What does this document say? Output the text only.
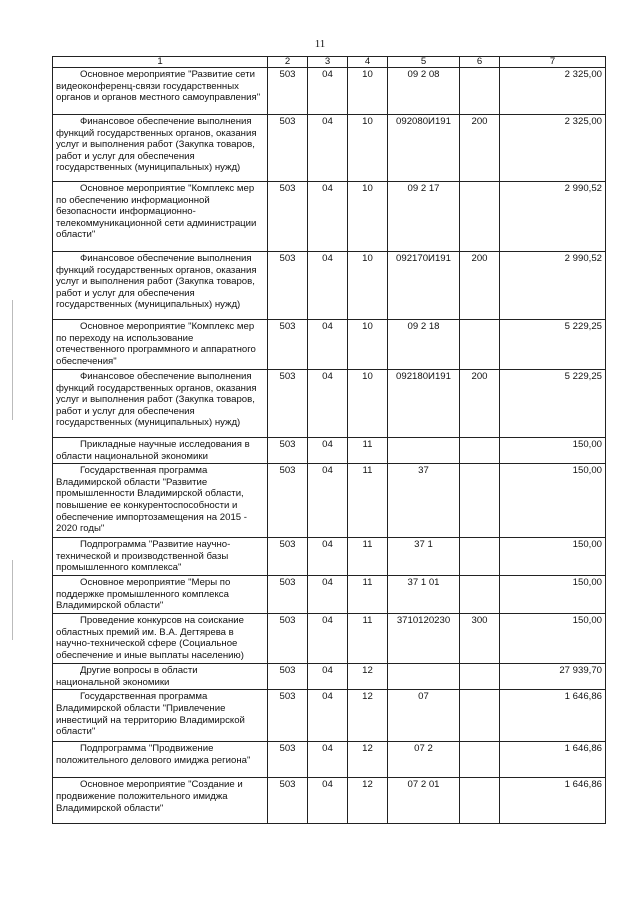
11
1	2	3	4	5	6	7
Основное мероприятие "Развитие сети видеоконференц-связи государственных органов и органов местного самоуправления"	503	04	10	09 2 08		2 325,00
Финансовое обеспечение выполнения функций государственных органов, оказания услуг и выполнения работ (Закупка товаров, работ и услуг для обеспечения государственных (муниципальных) нужд)	503	04	10	092080И191	200	2 325,00
Основное мероприятие "Комплекс мер по обеспечению информационной безопасности информационно-телекоммуникационной сети администрации области"	503	04	10	09 2 17		2 990,52
Финансовое обеспечение выполнения функций государственных органов, оказания услуг и выполнения работ (Закупка товаров, работ и услуг для обеспечения государственных (муниципальных) нужд)	503	04	10	092170И191	200	2 990,52
Основное мероприятие "Комплекс мер по переходу на использование отечественного программного и аппаратного обеспечения"	503	04	10	09 2 18		5 229,25
Финансовое обеспечение выполнения функций государственных органов, оказания услуг и выполнения работ (Закупка товаров, работ и услуг для обеспечения государственных (муниципальных) нужд)	503	04	10	092180И191	200	5 229,25
Прикладные научные исследования в области национальной экономики	503	04	11			150,00
Государственная программа Владимирской области "Развитие промышленности Владимирской области, повышение ее конкурентоспособности и обеспечение импортозамещения на 2015 - 2020 годы"	503	04	11	37		150,00
Подпрограмма "Развитие научно-технической и производственной базы промышленного комплекса"	503	04	11	37 1		150,00
Основное мероприятие "Меры по поддержке промышленного комплекса Владимирской области"	503	04	11	37 1 01		150,00
Проведение конкурсов на соискание областных премий им. В.А. Дегтярева в научно-технической сфере (Социальное обеспечение и иные выплаты населению)	503	04	11	3710120230	300	150,00
Другие вопросы в области национальной экономики	503	04	12			27 939,70
Государственная программа Владимирской области "Привлечение инвестиций на территорию Владимирской области"	503	04	12	07		1 646,86
Подпрограмма "Продвижение положительного делового имиджа региона"	503	04	12	07 2		1 646,86
Основное мероприятие "Создание и продвижение положительного имиджа Владимирской области"	503	04	12	07 2 01		1 646,86
